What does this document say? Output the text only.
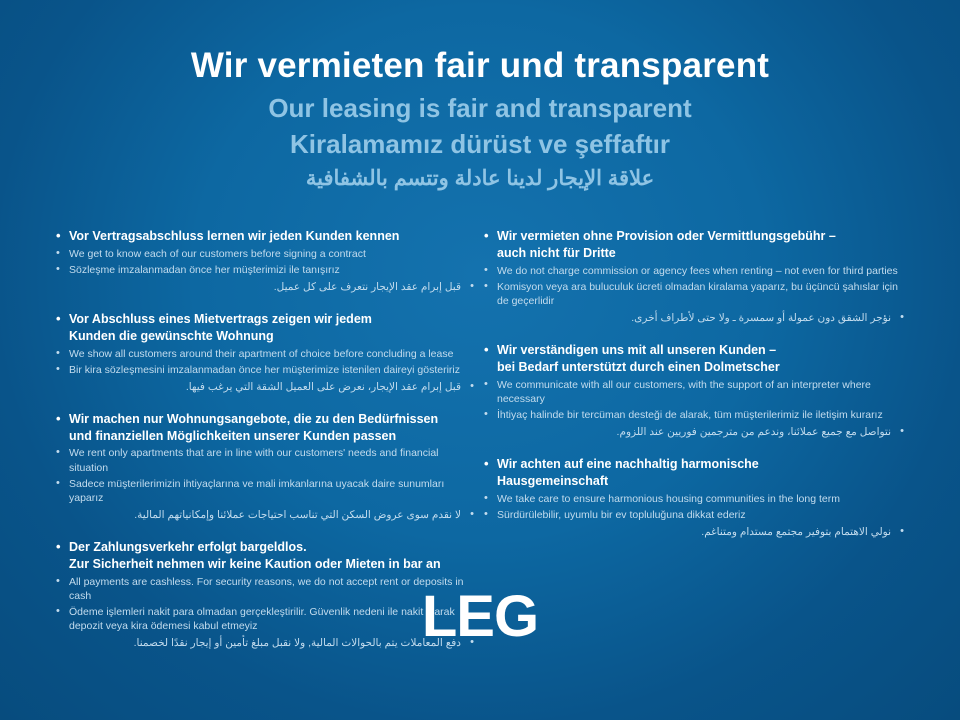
Wir vermieten fair und transparent
Our leasing is fair and transparent
Kiralamamız dürüst ve şeffaftır
علاقة الإيجار لدينا عادلة وتتسم بالشفافية
• Vor Vertragsabschluss lernen wir jeden Kunden kennen
• We get to know each of our customers before signing a contract
• Sözleşme imzalanmadan önce her müşterimizi ile tanışırız
• قبل إبرام عقد الإيجار نتعرف على كل عميل.
• Vor Abschluss eines Mietvertrags zeigen wir jedem
Kunden die gewünschte Wohnung
• We show all customers around their apartment of choice before concluding a lease
• Bir kira sözleşmesini imzalanmadan önce her müşterimize istenilen daireyi gösteririz
• قبل إبرام عقد الإيجار، نعرض على العميل الشقة التي يرغب فيها.
• Wir machen nur Wohnungsangebote, die zu den Bedürfnissen
und finanziellen Möglichkeiten unserer Kunden passen
• We rent only apartments that are in line with our customers' needs and financial situation
• Sadece müşterilerimizin ihtiyaçlarına ve mali imkanlarına uyacak daire sunumları yaparız
• لا نقدم سوى عروض السكن التي تناسب احتياجات عملائنا وإمكانياتهم المالية.
• Der Zahlungsverkehr erfolgt bargeldlos.
Zur Sicherheit nehmen wir keine Kaution oder Mieten in bar an
• All payments are cashless. For security reasons, we do not accept rent or deposits in cash
• Ödeme işlemleri nakit para olmadan gerçekleştirilir. Güvenlik nedeni ile nakit olarak depozit veya kira ödemesi kabul etmeyiz
• دفع المعاملات يتم بالحوالات المالية, ولا نقبل مبلغ تأمين أو إيجار نقدًا لخصمنا.
• Wir vermieten ohne Provision oder Vermittlungsgebühr –
auch nicht für Dritte
• We do not charge commission or agency fees when renting – not even for third parties
• Komisyon veya ara buluculuk ücreti olmadan kiralama yaparız, bu üçüncü şahıslar için de geçerlidir
• نؤجر الشقق دون عمولة أو سمسرة ـ ولا حتى لأطراف أخرى.
• Wir verständigen uns mit all unseren Kunden –
bei Bedarf unterstützt durch einen Dolmetscher
• We communicate with all our customers, with the support of an interpreter where necessary
• İhtiyaç halinde bir tercüman desteği de alarak, tüm müşterilerimiz ile iletişim kurarız
• نتواصل مع جميع عملائنا، وندعم من مترجمين فوريين عند اللزوم.
• Wir achten auf eine nachhaltig harmonische
Hausgemeinschaft
• We take care to ensure harmonious housing communities in the long term
• Sürdürülebilir, uyumlu bir ev topluluğuna dikkat ederiz
• نولي الاهتمام بتوفير مجتمع مستدام ومتناغم.
LEG
